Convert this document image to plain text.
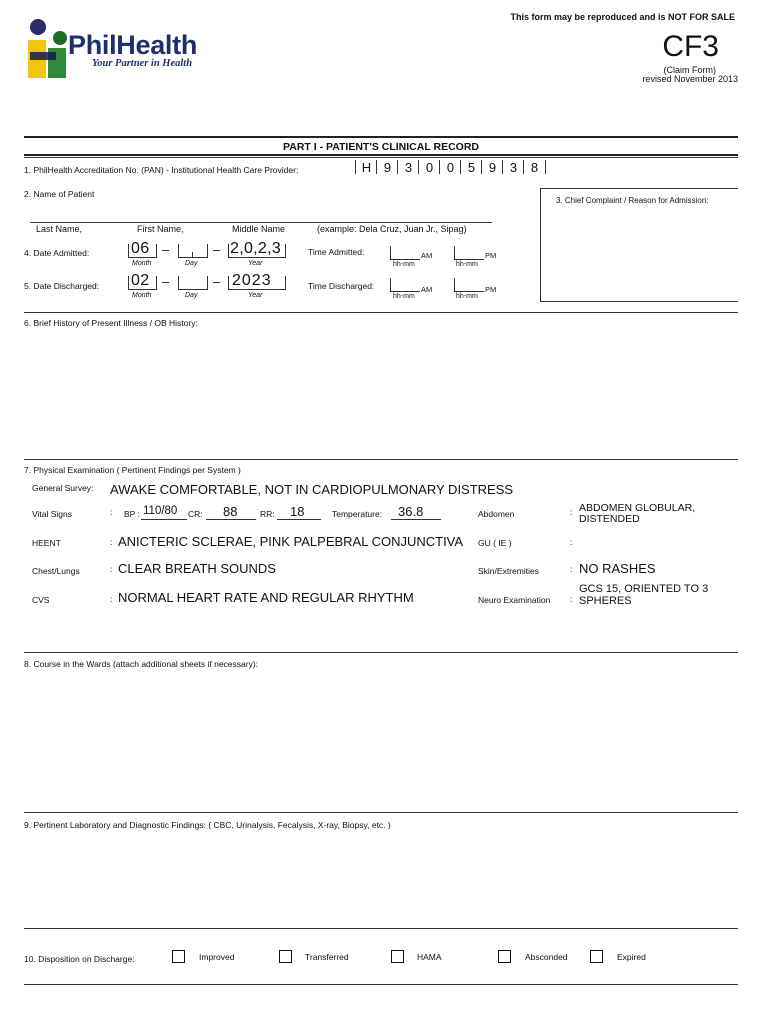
PhilHealth
Your Partner in Health
This form may be reproduced and is NOT FOR SALE
CF3
(Claim Form)
revised November 2013
PART I - PATIENT'S CLINICAL RECORD
1. PhilHealth Accreditation No. (PAN) - Institutional Health Care Provider:	H 9	3	0	0	5	9	3	8
2. Name of Patient
Last Name,	First Name,	Middle Name	(example: Dela Cruz, Juan Jr., Sipag)
3. Chief Complaint / Reason for Admission:
4. Date Admitted:	06 –	– 2,0,2,3
Month	Day	Year
Time Admitted:	AM	PM
hh-mm	hh-mm
5. Date Discharged: 02 –	– 2023
Month	Day	Year
Time Discharged:	AM	PM
hh-mm	hh-mm
6. Brief History of Present Illness / OB History:
7. Physical Examination ( Pertinent Findings per System )
General Survey: AWAKE COMFORTABLE, NOT IN CARDIOPULMONARY DISTRESS
Vital Signs	: BP : 110/80 CR: 88	RR: 18	Temperature: 36.8	Abdomen	: ABDOMEN GLOBULAR, DISTENDED
HEENT	: ANICTERIC SCLERAE, PINK PALPEBRAL CONJUNCTIVA	GU ( IE )	:
Chest/Lungs	: CLEAR BREATH SOUNDS	Skin/Extremities	: NO RASHES
CVS	: NORMAL HEART RATE AND REGULAR RHYTHM	Neuro Examination :
GCS 15, ORIENTED TO 3 SPHERES
8. Course in the Wards (attach additional sheets if necessary):
9. Pertinent Laboratory and Diagnostic Findings: ( CBC, Urinalysis, Fecalysis, X-ray, Biopsy, etc. )
10. Disposition on Discharge:	Improved	Transferred	HAMA	Absconded	Expired
